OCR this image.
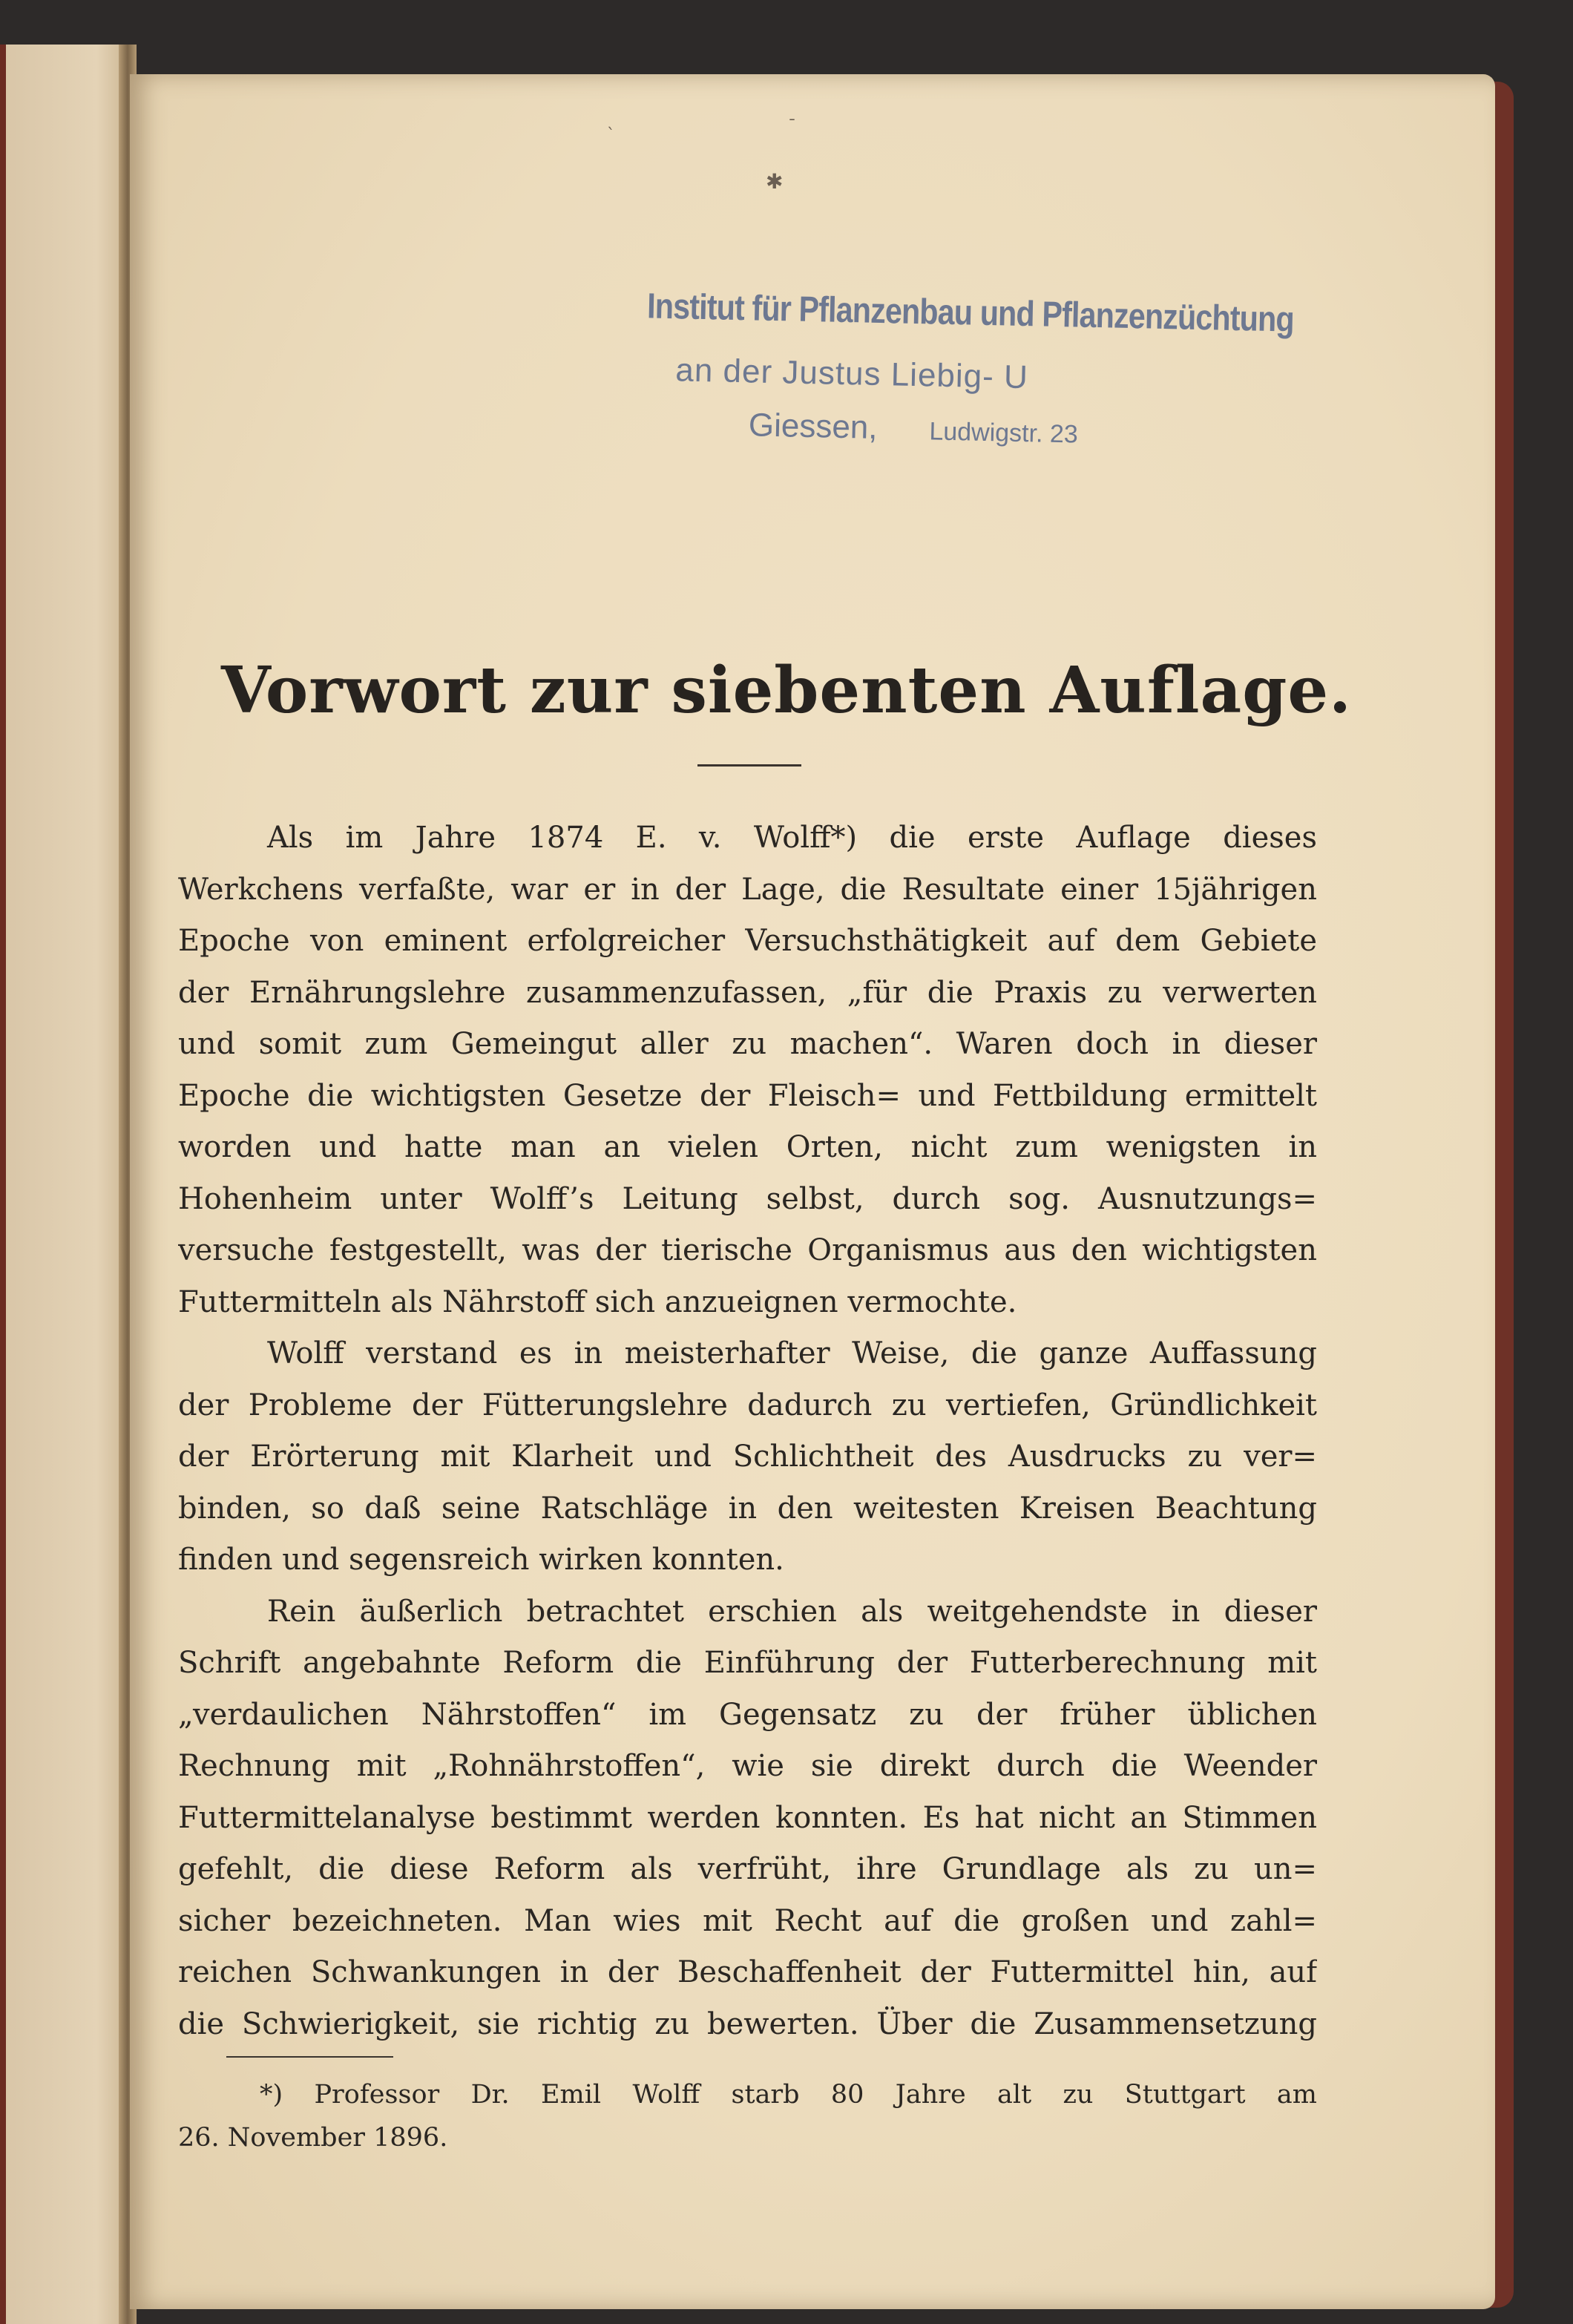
✱
ˋ	ˉ
Institut für Pflanzenbau und Pflanzenzüchtung
an der Justus Liebig- U
Giessen, Ludwigstr. 23
Vorwort zur siebenten Auflage.
Als im Jahre 1874 E. v. Wolff*) die erste Auflage dieses
Werkchens verfaßte, war er in der Lage, die Resultate einer 15jährigen
Epoche von eminent erfolgreicher Versuchsthätigkeit auf dem Gebiete
der Ernährungslehre zusammenzufassen, „für die Praxis zu verwerten
und somit zum Gemeingut aller zu machen“. Waren doch in dieser
Epoche die wichtigsten Gesetze der Fleisch= und Fettbildung ermittelt
worden und hatte man an vielen Orten, nicht zum wenigsten in
Hohenheim unter Wolff’s Leitung selbst, durch sog. Ausnutzungs=
versuche festgestellt, was der tierische Organismus aus den wichtigsten
Futtermitteln als Nährstoff sich anzueignen vermochte.
Wolff verstand es in meisterhafter Weise, die ganze Auffassung
der Probleme der Fütterungslehre dadurch zu vertiefen, Gründlichkeit
der Erörterung mit Klarheit und Schlichtheit des Ausdrucks zu ver=
binden, so daß seine Ratschläge in den weitesten Kreisen Beachtung
finden und segensreich wirken konnten.
Rein äußerlich betrachtet erschien als weitgehendste in dieser
Schrift angebahnte Reform die Einführung der Futterberechnung mit
„verdaulichen Nährstoffen“ im Gegensatz zu der früher üblichen
Rechnung mit „Rohnährstoffen“, wie sie direkt durch die Weender
Futtermittelanalyse bestimmt werden konnten. Es hat nicht an Stimmen
gefehlt, die diese Reform als verfrüht, ihre Grundlage als zu un=
sicher bezeichneten. Man wies mit Recht auf die großen und zahl=
reichen Schwankungen in der Beschaffenheit der Futtermittel hin, auf
die Schwierigkeit, sie richtig zu bewerten. Über die Zusammensetzung
*) Professor Dr. Emil Wolff starb 80 Jahre alt zu Stuttgart am
26. November 1896.
